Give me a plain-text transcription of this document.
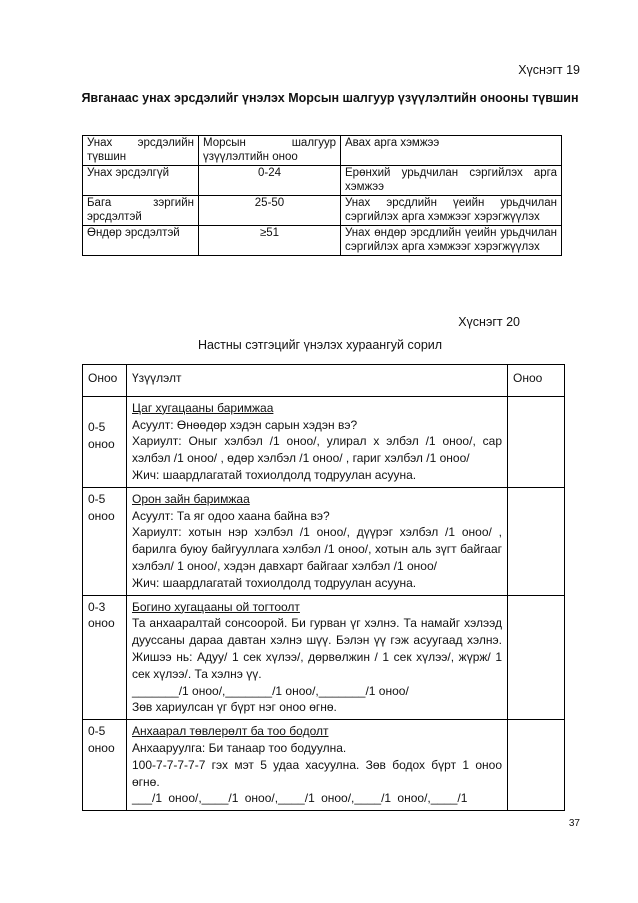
Хүснэгт 19
Явганаас унах эрсдэлийг үнэлэх Морсын шалгуур үзүүлэлтийн онооны түвшин
Унах эрсдэлийн түвшин	Морсын шалгуур үзүүлэлтийн оноо	Авах арга хэмжээ
Унах эрсдэлгүй	0-24	Ерөнхий урьдчилан сэргийлэх арга хэмжээ
Бага зэргийн эрсдэлтэй	25-50	Унах эрсдлийн үеийн урьдчилан сэргийлэх арга хэмжээг хэрэгжүүлэх
Өндөр эрсдэлтэй	≥51	Унах өндөр эрсдлийн үеийн урьдчилан сэргийлэх арга хэмжээг хэрэгжүүлэх
Хүснэгт 20
Настны сэтгэцийг үнэлэх хураангуй сорил
Оноо	Үзүүлэлт	Оноо
0-5 оноо	Цаг хугацааны баримжаа
Асуулт: Өнөөдөр хэдэн сарын хэдэн вэ?
Хариулт: Оныг хэлбэл /1 оноо/, улирал х элбэл /1 оноо/, сар хэлбэл /1 оноо/ , өдөр хэлбэл /1 оноо/ , гариг хэлбэл /1 оноо/
Жич: шаардлагатай тохиолдолд тодруулан асууна.	

0-5 оноо	Орон зайн баримжаа
Асуулт: Та яг одоо хаана байна вэ?
Хариулт: хотын нэр хэлбэл /1 оноо/, дүүрэг хэлбэл /1 оноо/ , барилга буюу байгууллага хэлбэл /1 оноо/, хотын аль зүгт байгааг хэлбэл/ 1 оноо/, хэдэн давхарт байгааг хэлбэл /1 оноо/
Жич: шаардлагатай тохиолдолд тодруулан асууна.	

0-3 оноо	Богино хугацааны ой тогтоолт
Та анхааралтай сонсоорой. Би гурван үг хэлнэ. Та намайг хэлээд дууссаны дараа давтан хэлнэ шүү. Бэлэн үү гэж асуугаад хэлнэ. Жишээ нь: Адуу/ 1 сек хүлээ/, дөрвөлжин / 1 сек хүлээ/, жүрж/ 1 сек хүлээ/. Та хэлнэ үү.
_______/1 оноо/,_______/1 оноо/,_______/1 оноо/
Зөв хариулсан үг бүрт нэг оноо өгнө.	

0-5 оноо	Анхаарал төвлерөлт ба тоо бодолт
Анхааруулга: Би танаар тоо бодуулна.
100-7-7-7-7-7 гэх мэт 5 удаа хасуулна. Зөв бодох бүрт 1 оноо өгнө.
___/1 оноо/,____/1 оноо/,____/1 оноо/,____/1 оноо/,____/1	

37
